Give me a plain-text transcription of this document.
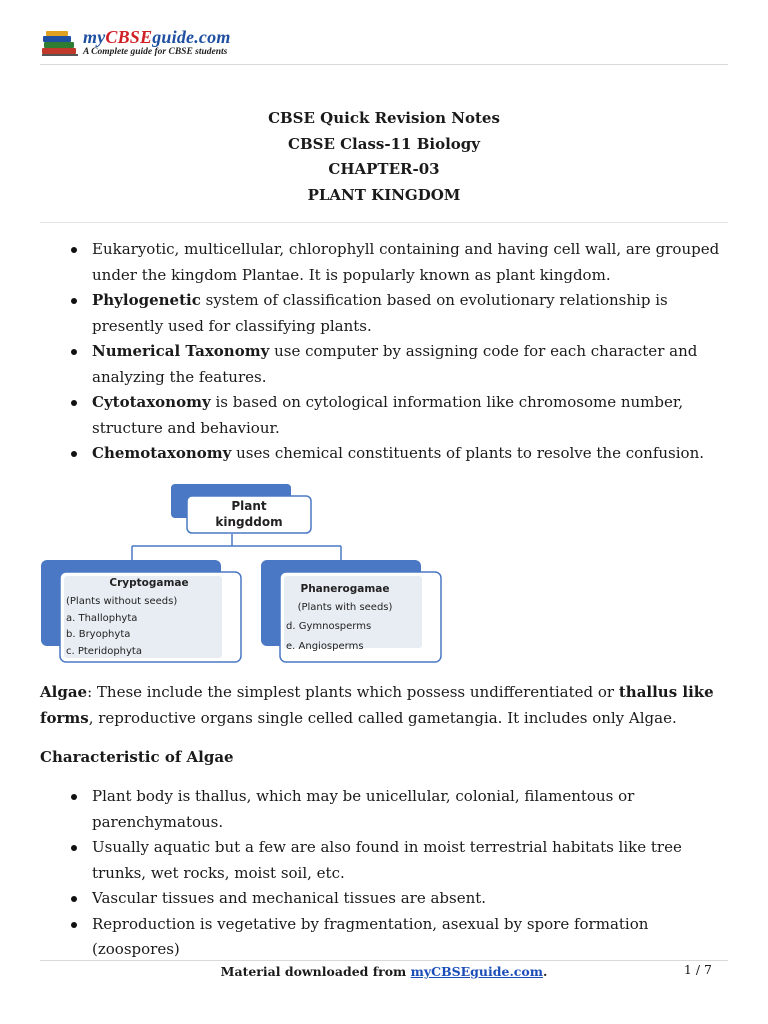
myCBSEguide.com
A Complete guide for CBSE students
CBSE Quick Revision Notes
CBSE Class-11 Biology
CHAPTER-03
PLANT KINGDOM
Eukaryotic, multicellular, chlorophyll containing and having cell wall, are grouped under the kingdom Plantae. It is popularly known as plant kingdom.
Phylogenetic system of classification based on evolutionary relationship is presently used for classifying plants.
Numerical Taxonomy use computer by assigning code for each character and analyzing the features.
Cytotaxonomy is based on cytological information like chromosome number, structure and behaviour.
Chemotaxonomy uses chemical constituents of plants to resolve the confusion.
Plant
kingddom
Cryptogamae
(Plants without seeds)
a. Thallophyta
b. Bryophyta
c. Pteridophyta
Phanerogamae
(Plants with seeds)
d. Gymnosperms
e. Angiosperms

Algae: These include the simplest plants which possess undifferentiated or thallus like forms, reproductive organs single celled called gametangia. It includes only Algae.

Characteristic of Algae

Plant body is thallus, which may be unicellular, colonial, filamentous or parenchymatous.
Usually aquatic but a few are also found in moist terrestrial habitats like tree trunks, wet rocks, moist soil, etc.
Vascular tissues and mechanical tissues are absent.
Reproduction is vegetative by fragmentation, asexual by spore formation (zoospores)
Material downloaded from myCBSEguide.com.	1 / 7
